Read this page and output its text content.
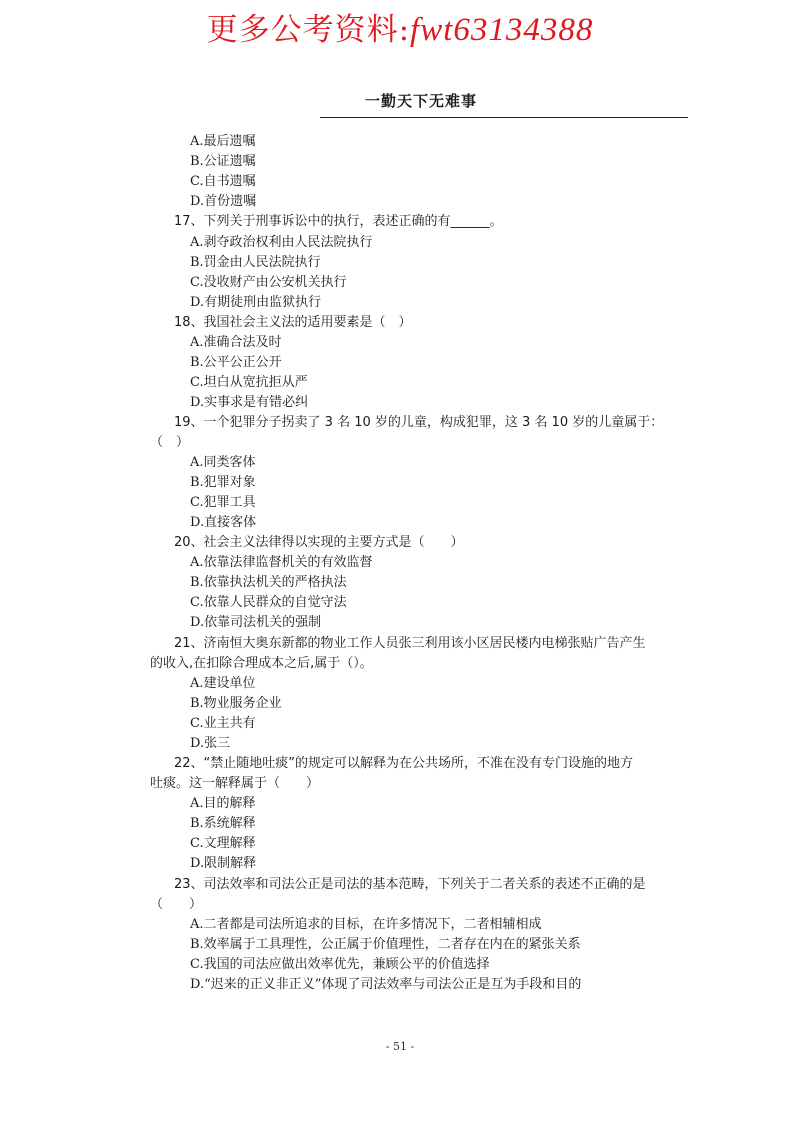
更多公考资料:fwt63134388
一勤天下无难事
A.最后遗嘱
B.公证遗嘱
C.自书遗嘱
D.首份遗嘱
17、下列关于刑事诉讼中的执行，表述正确的有______。
A.剥夺政治权利由人民法院执行
B.罚金由人民法院执行
C.没收财产由公安机关执行
D.有期徒刑由监狱执行
18、我国社会主义法的适用要素是（　）
A.准确合法及时
B.公平公正公开
C.坦白从宽抗拒从严
D.实事求是有错必纠
19、一个犯罪分子拐卖了 3 名 10 岁的儿童，构成犯罪，这 3 名 10 岁的儿童属于：
（　）
A.同类客体
B.犯罪对象
C.犯罪工具
D.直接客体
20、社会主义法律得以实现的主要方式是（　　）
A.依靠法律监督机关的有效监督
B.依靠执法机关的严格执法
C.依靠人民群众的自觉守法
D.依靠司法机关的强制
21、济南恒大奥东新都的物业工作人员张三利用该小区居民楼内电梯张贴广告产生
的收入,在扣除合理成本之后,属于（）。
A.建设单位
B.物业服务企业
C.业主共有
D.张三
22、“禁止随地吐痰”的规定可以解释为在公共场所，不准在没有专门设施的地方
吐痰。这一解释属于（　　）
A.目的解释
B.系统解释
C.文理解释
D.限制解释
23、司法效率和司法公正是司法的基本范畴，下列关于二者关系的表述不正确的是
（　　）
A.二者都是司法所追求的目标，在许多情况下，二者相辅相成
B.效率属于工具理性，公正属于价值理性，二者存在内在的紧张关系
C.我国的司法应做出效率优先，兼顾公平的价值选择
D.“迟来的正义非正义”体现了司法效率与司法公正是互为手段和目的
- 51 -
